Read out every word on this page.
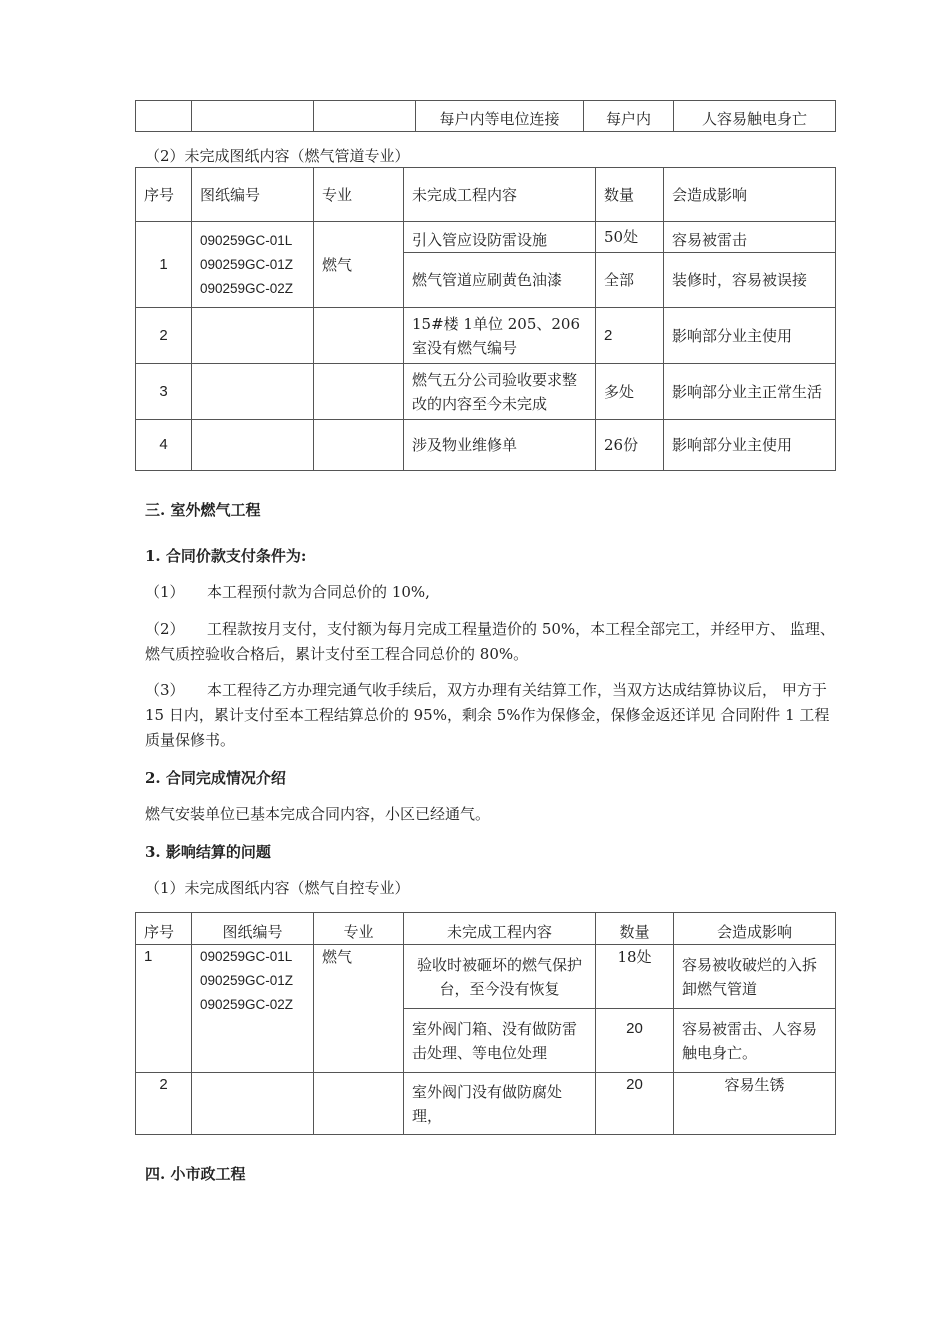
			每户内等电位连接	每户内	人容易触电身亡
（2）未完成图纸内容（燃气管道专业）
序号	图纸编号	专业	未完成工程内容	数量	会造成影响
1	090259GC-01L
090259GC-01Z
090259GC-02Z	燃气	引入管应设防雷设施	50处	容易被雷击
			燃气管道应刷黄色油漆	全部	装修时，容易被误接
2			15#楼 1单位 205、206室没有燃气编号	2	影响部分业主使用
3			燃气五分公司验收要求整改的内容至今未完成	多处	影响部分业主正常生活
4			涉及物业维修单	26份	影响部分业主使用
三. 室外燃气工程
1. 合同价款支付条件为:
（1）　　本工程预付款为合同总价的 10%,
（2）　　工程款按月支付，支付额为每月完成工程量造价的 50%，本工程全部完工，并经甲方、 监理、燃气质控验收合格后，累计支付至工程合同总价的 80%。
（3）　　本工程待乙方办理完通气收手续后，双方办理有关结算工作，当双方达成结算协议后， 甲方于 15 日内，累计支付至本工程结算总价的 95%，剩余 5%作为保修金，保修金返还详见 合同附件 1 工程质量保修书。
2. 合同完成情况介绍
燃气安装单位已基本完成合同内容，小区已经通气。
3. 影响结算的问题
（1）未完成图纸内容（燃气自控专业）
序号	图纸编号	专业	未完成工程内容	数量	会造成影响
1	090259GC-01L
090259GC-01Z
090259GC-02Z	燃气	验收时被砸坏的燃气保护台，至今没有恢复	18处	容易被收破烂的入拆卸燃气管道
			室外阀门箱、没有做防雷击处理、等电位处理	20	容易被雷击、人容易触电身亡。
2			室外阀门没有做防腐处理，	20	容易生锈
四. 小市政工程
